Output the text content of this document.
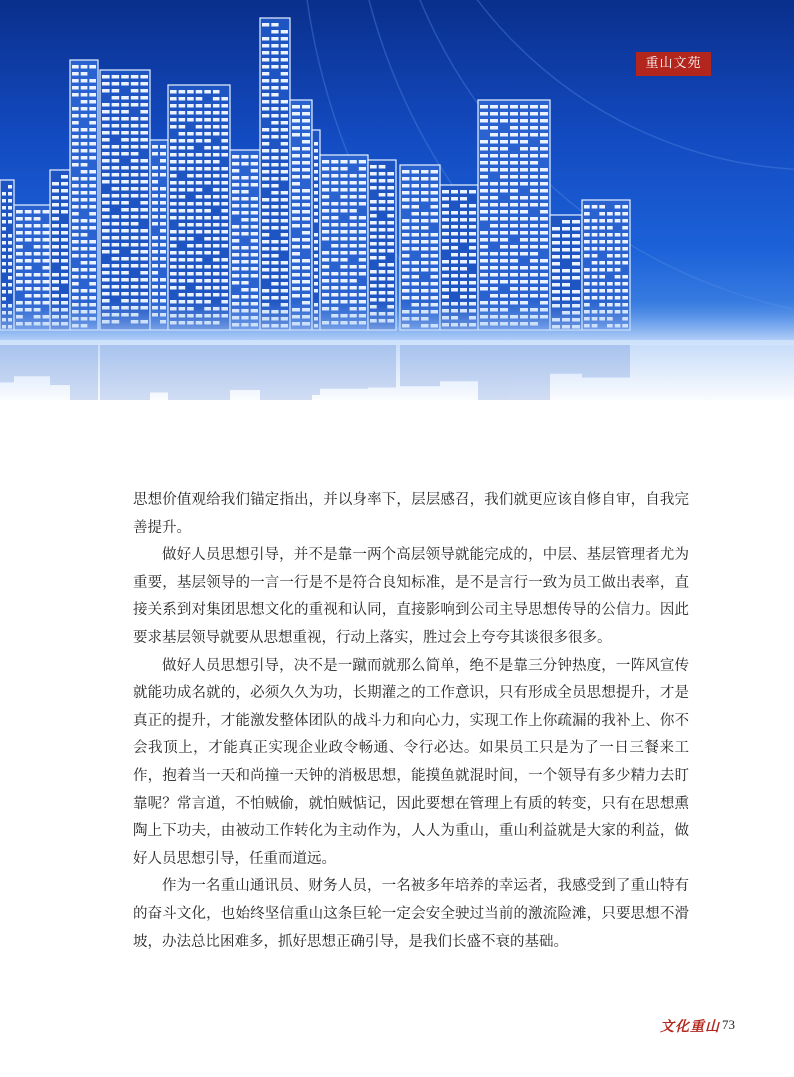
重山文苑

思想价值观给我们锚定指出，并以身率下，层层感召，我们就更应该自修自审，自我完善提升。

做好人员思想引导，并不是靠一两个高层领导就能完成的，中层、基层管理者尤为重要，基层领导的一言一行是不是符合良知标准，是不是言行一致为员工做出表率，直接关系到对集团思想文化的重视和认同，直接影响到公司主导思想传导的公信力。因此要求基层领导就要从思想重视，行动上落实，胜过会上夸夸其谈很多很多。

做好人员思想引导，决不是一蹴而就那么简单，绝不是靠三分钟热度，一阵风宣传就能功成名就的，必须久久为功，长期灌之的工作意识，只有形成全员思想提升，才是真正的提升，才能激发整体团队的战斗力和向心力，实现工作上你疏漏的我补上、你不会我顶上，才能真正实现企业政令畅通、令行必达。如果员工只是为了一日三餐来工作，抱着当一天和尚撞一天钟的消极思想，能摸鱼就混时间，一个领导有多少精力去盯靠呢？常言道，不怕贼偷，就怕贼惦记，因此要想在管理上有质的转变，只有在思想熏陶上下功夫，由被动工作转化为主动作为，人人为重山，重山利益就是大家的利益，做好人员思想引导，任重而道远。

作为一名重山通讯员、财务人员，一名被多年培养的幸运者，我感受到了重山特有的奋斗文化，也始终坚信重山这条巨轮一定会安全驶过当前的激流险滩，只要思想不滑坡，办法总比困难多，抓好思想正确引导，是我们长盛不衰的基础。

文化重山 73
